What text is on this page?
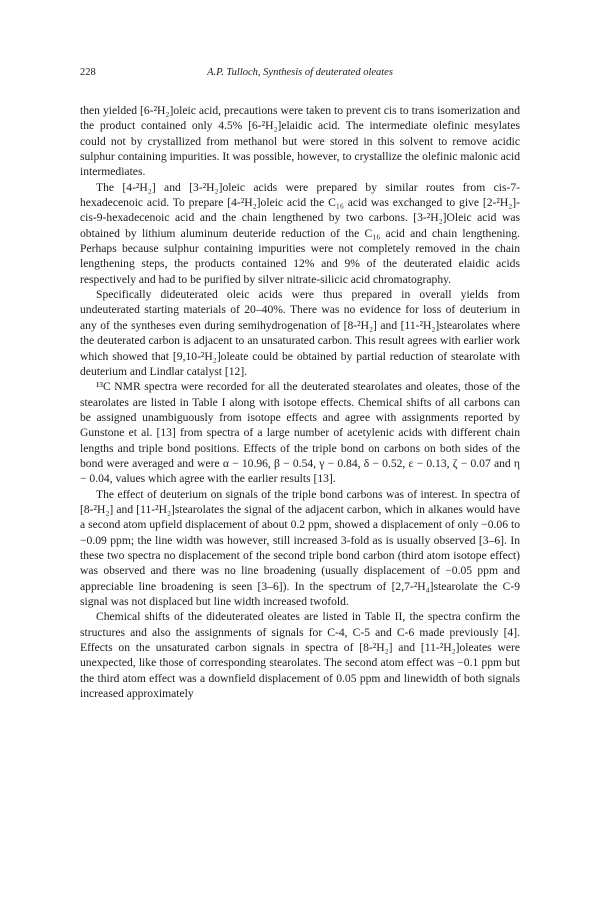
228	A.P. Tulloch, Synthesis of deuterated oleates

then yielded [6-²H₂]oleic acid, precautions were taken to prevent cis to trans isomerization and the product contained only 4.5% [6-²H₂]elaidic acid. The intermediate olefinic mesylates could not by crystallized from methanol but were stored in this solvent to remove acidic sulphur containing impurities. It was possible, however, to crystallize the olefinic malonic acid intermediates.

The [4-²H₂] and [3-²H₂]oleic acids were prepared by similar routes from cis-7-hexadecenoic acid. To prepare [4-²H₂]oleic acid the C₁₆ acid was exchanged to give [2-²H₂]-cis-9-hexadecenoic acid and the chain lengthened by two carbons. [3-²H₂]Oleic acid was obtained by lithium aluminum deuteride reduction of the C₁₆ acid and chain lengthening. Perhaps because sulphur containing impurities were not completely removed in the chain lengthening steps, the products contained 12% and 9% of the deuterated elaidic acids respectively and had to be purified by silver nitrate-silicic acid chromatography.

Specifically dideuterated oleic acids were thus prepared in overall yields from undeuterated starting materials of 20–40%. There was no evidence for loss of deuterium in any of the syntheses even during semihydrogenation of [8-²H₂] and [11-²H₂]stearolates where the deuterated carbon is adjacent to an unsaturated carbon. This result agrees with earlier work which showed that [9,10-²H₂]oleate could be obtained by partial reduction of stearolate with deuterium and Lindlar catalyst [12].

¹³C NMR spectra were recorded for all the deuterated stearolates and oleates, those of the stearolates are listed in Table I along with isotope effects. Chemical shifts of all carbons can be assigned unambiguously from isotope effects and agree with assignments reported by Gunstone et al. [13] from spectra of a large number of acetylenic acids with different chain lengths and triple bond positions. Effects of the triple bond on carbons on both sides of the bond were averaged and were α − 10.96, β − 0.54, γ − 0.84, δ − 0.52, ε − 0.13, ζ − 0.07 and η − 0.04, values which agree with the earlier results [13].

The effect of deuterium on signals of the triple bond carbons was of interest. In spectra of [8-²H₂] and [11-²H₂]stearolates the signal of the adjacent carbon, which in alkanes would have a second atom upfield displacement of about 0.2 ppm, showed a displacement of only −0.06 to −0.09 ppm; the line width was however, still increased 3-fold as is usually observed [3–6]. In these two spectra no displacement of the second triple bond carbon (third atom isotope effect) was observed and there was no line broadening (usually displacement of −0.05 ppm and appreciable line broadening is seen [3–6]). In the spectrum of [2,7-²H₄]stearolate the C-9 signal was not displaced but line width increased twofold.

Chemical shifts of the dideuterated oleates are listed in Table II, the spectra confirm the structures and also the assignments of signals for C-4, C-5 and C-6 made previously [4]. Effects on the unsaturated carbon signals in spectra of [8-²H₂] and [11-²H₂]oleates were unexpected, like those of corresponding stearolates. The second atom effect was −0.1 ppm but the third atom effect was a downfield displacement of 0.05 ppm and linewidth of both signals increased approximately
